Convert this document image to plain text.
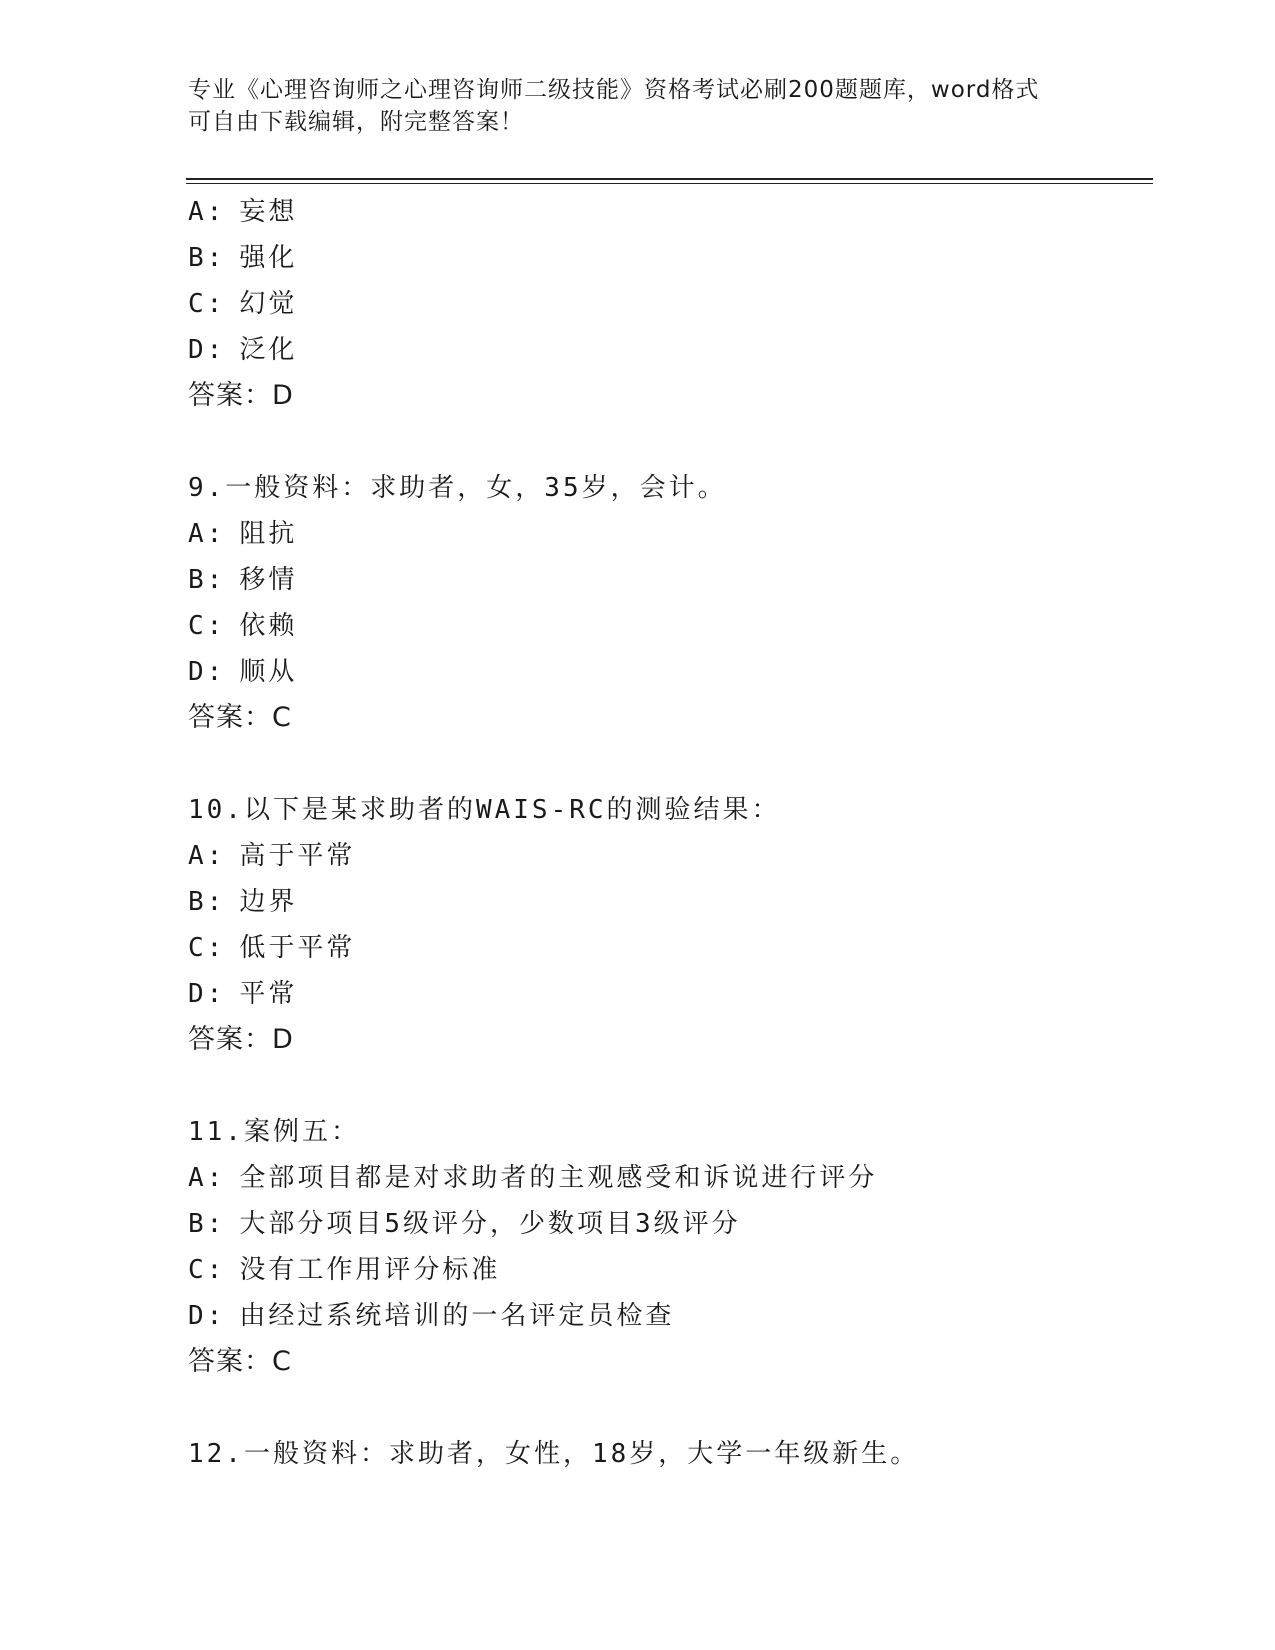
专业《心理咨询师之心理咨询师二级技能》资格考试必刷200题题库，word格式
可自由下载编辑，附完整答案！
A: 妄想
B: 强化
C: 幻觉
D: 泛化
答案：D
9.一般资料：求助者，女，35岁，会计。
A: 阻抗
B: 移情
C: 依赖
D: 顺从
答案：C
10.以下是某求助者的WAIS-RC的测验结果：
A: 高于平常
B: 边界
C: 低于平常
D: 平常
答案：D
11.案例五：
A: 全部项目都是对求助者的主观感受和诉说进行评分
B: 大部分项目5级评分，少数项目3级评分
C: 没有工作用评分标准
D: 由经过系统培训的一名评定员检查
答案：C
12.一般资料：求助者，女性，18岁，大学一年级新生。
